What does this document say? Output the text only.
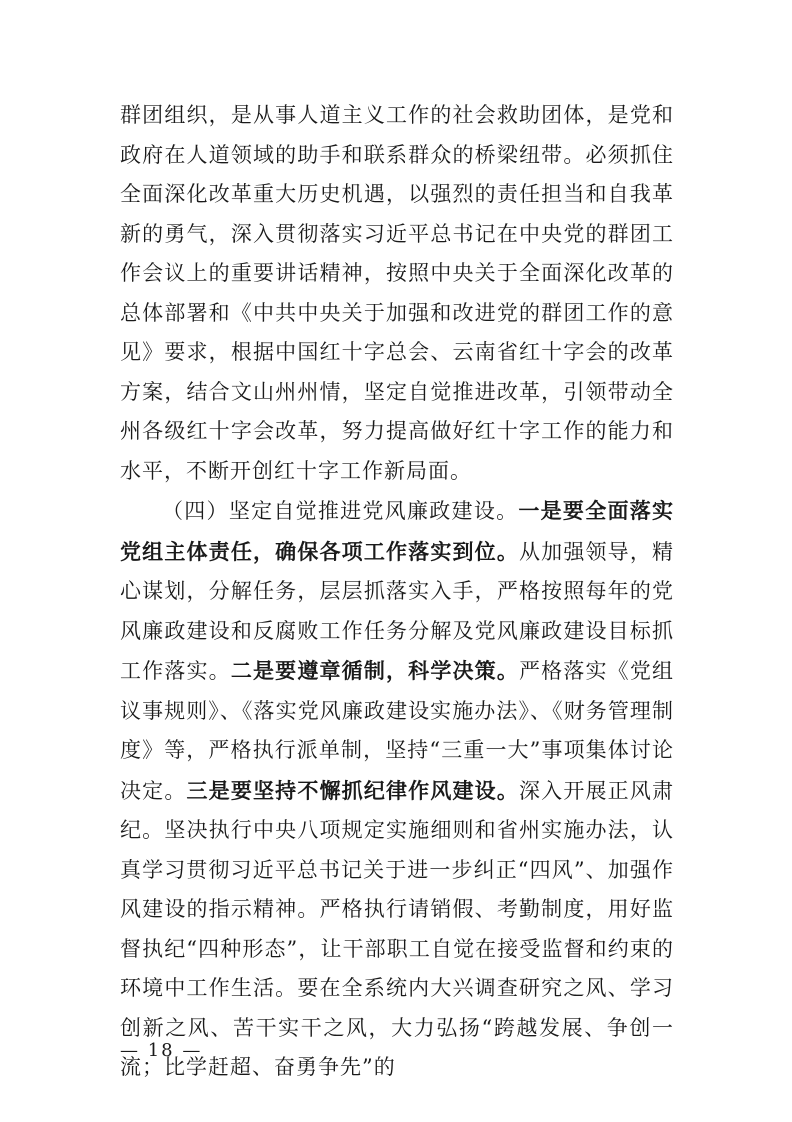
群团组织，是从事人道主义工作的社会救助团体，是党和政府在人道领域的助手和联系群众的桥梁纽带。必须抓住全面深化改革重大历史机遇，以强烈的责任担当和自我革新的勇气，深入贯彻落实习近平总书记在中央党的群团工作会议上的重要讲话精神，按照中央关于全面深化改革的总体部署和《中共中央关于加强和改进党的群团工作的意见》要求，根据中国红十字总会、云南省红十字会的改革方案，结合文山州州情，坚定自觉推进改革，引领带动全州各级红十字会改革，努力提高做好红十字工作的能力和水平，不断开创红十字工作新局面。

（四）坚定自觉推进党风廉政建设。一是要全面落实党组主体责任，确保各项工作落实到位。从加强领导，精心谋划，分解任务，层层抓落实入手，严格按照每年的党风廉政建设和反腐败工作任务分解及党风廉政建设目标抓工作落实。二是要遵章循制，科学决策。严格落实《党组议事规则》、《落实党风廉政建设实施办法》、《财务管理制度》等，严格执行派单制，坚持“三重一大”事项集体讨论决定。三是要坚持不懈抓纪律作风建设。深入开展正风肃纪。坚决执行中央八项规定实施细则和省州实施办法，认真学习贯彻习近平总书记关于进一步纠正“四风”、加强作风建设的指示精神。严格执行请销假、考勤制度，用好监督执纪“四种形态”，让干部职工自觉在接受监督和约束的环境中工作生活。要在全系统内大兴调查研究之风、学习创新之风、苦干实干之风，大力弘扬“跨越发展、争创一流；比学赶超、奋勇争先”的

— 18 —
